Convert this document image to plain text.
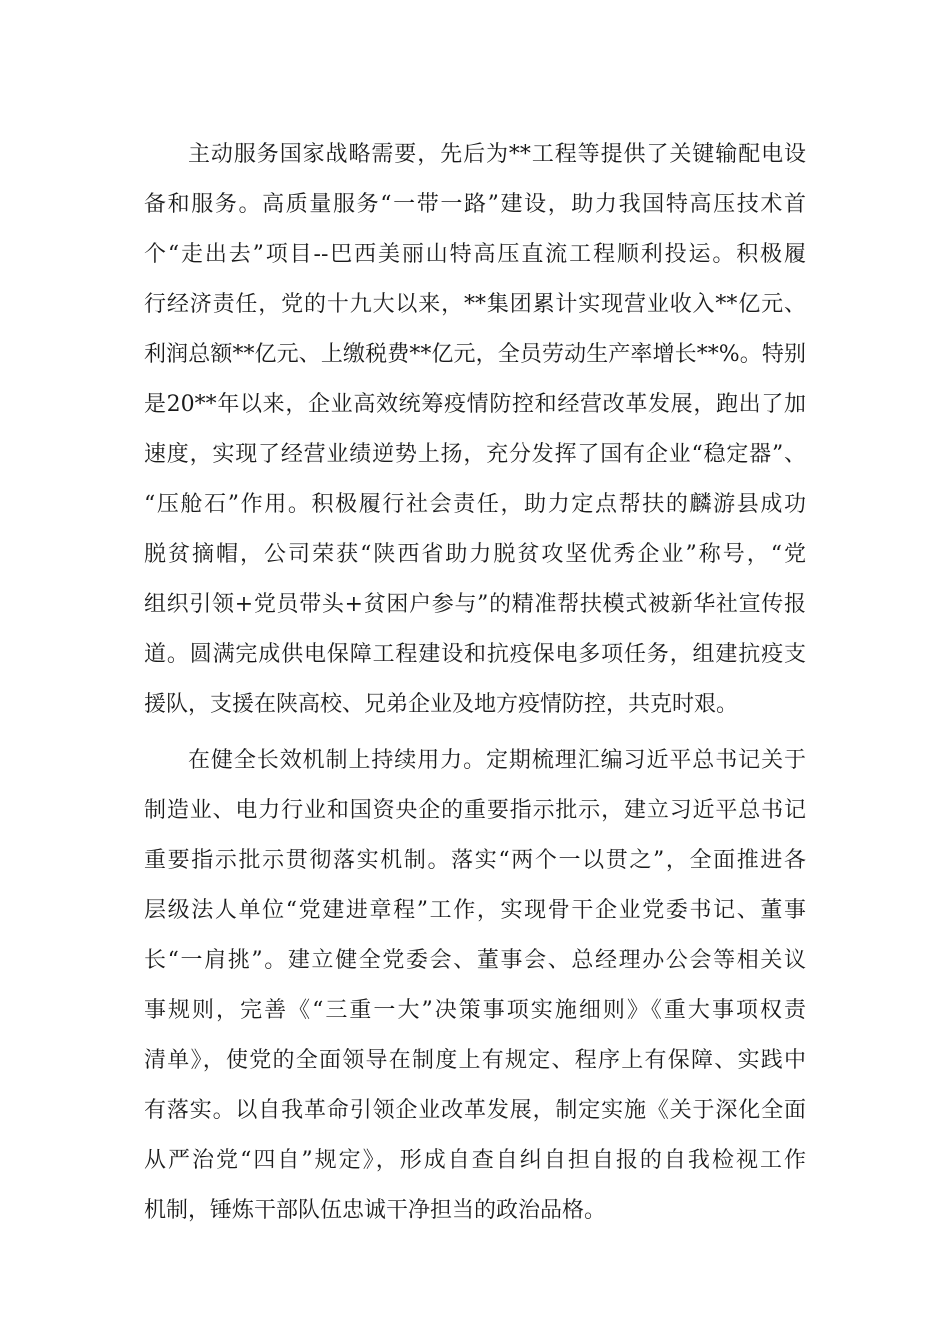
主动服务国家战略需要，先后为**工程等提供了关键输配电设
备和服务。高质量服务“一带一路”建设，助力我国特高压技术首
个“走出去”项目--巴西美丽山特高压直流工程顺利投运。积极履
行经济责任，党的十九大以来，**集团累计实现营业收入**亿元、
利润总额**亿元、上缴税费**亿元，全员劳动生产率增长**%。特别
是20**年以来，企业高效统筹疫情防控和经营改革发展，跑出了加
速度，实现了经营业绩逆势上扬，充分发挥了国有企业“稳定器”、
“压舱石”作用。积极履行社会责任，助力定点帮扶的麟游县成功
脱贫摘帽，公司荣获“陕西省助力脱贫攻坚优秀企业”称号，“党
组织引领+党员带头+贫困户参与”的精准帮扶模式被新华社宣传报
道。圆满完成供电保障工程建设和抗疫保电多项任务，组建抗疫支
援队，支援在陕高校、兄弟企业及地方疫情防控，共克时艰。
在健全长效机制上持续用力。定期梳理汇编习近平总书记关于
制造业、电力行业和国资央企的重要指示批示，建立习近平总书记
重要指示批示贯彻落实机制。落实“两个一以贯之”，全面推进各
层级法人单位“党建进章程”工作，实现骨干企业党委书记、董事
长“一肩挑”。建立健全党委会、董事会、总经理办公会等相关议
事规则，完善《“三重一大”决策事项实施细则》《重大事项权责
清单》，使党的全面领导在制度上有规定、程序上有保障、实践中
有落实。以自我革命引领企业改革发展，制定实施《关于深化全面
从严治党“四自”规定》，形成自查自纠自担自报的自我检视工作
机制，锤炼干部队伍忠诚干净担当的政治品格。
